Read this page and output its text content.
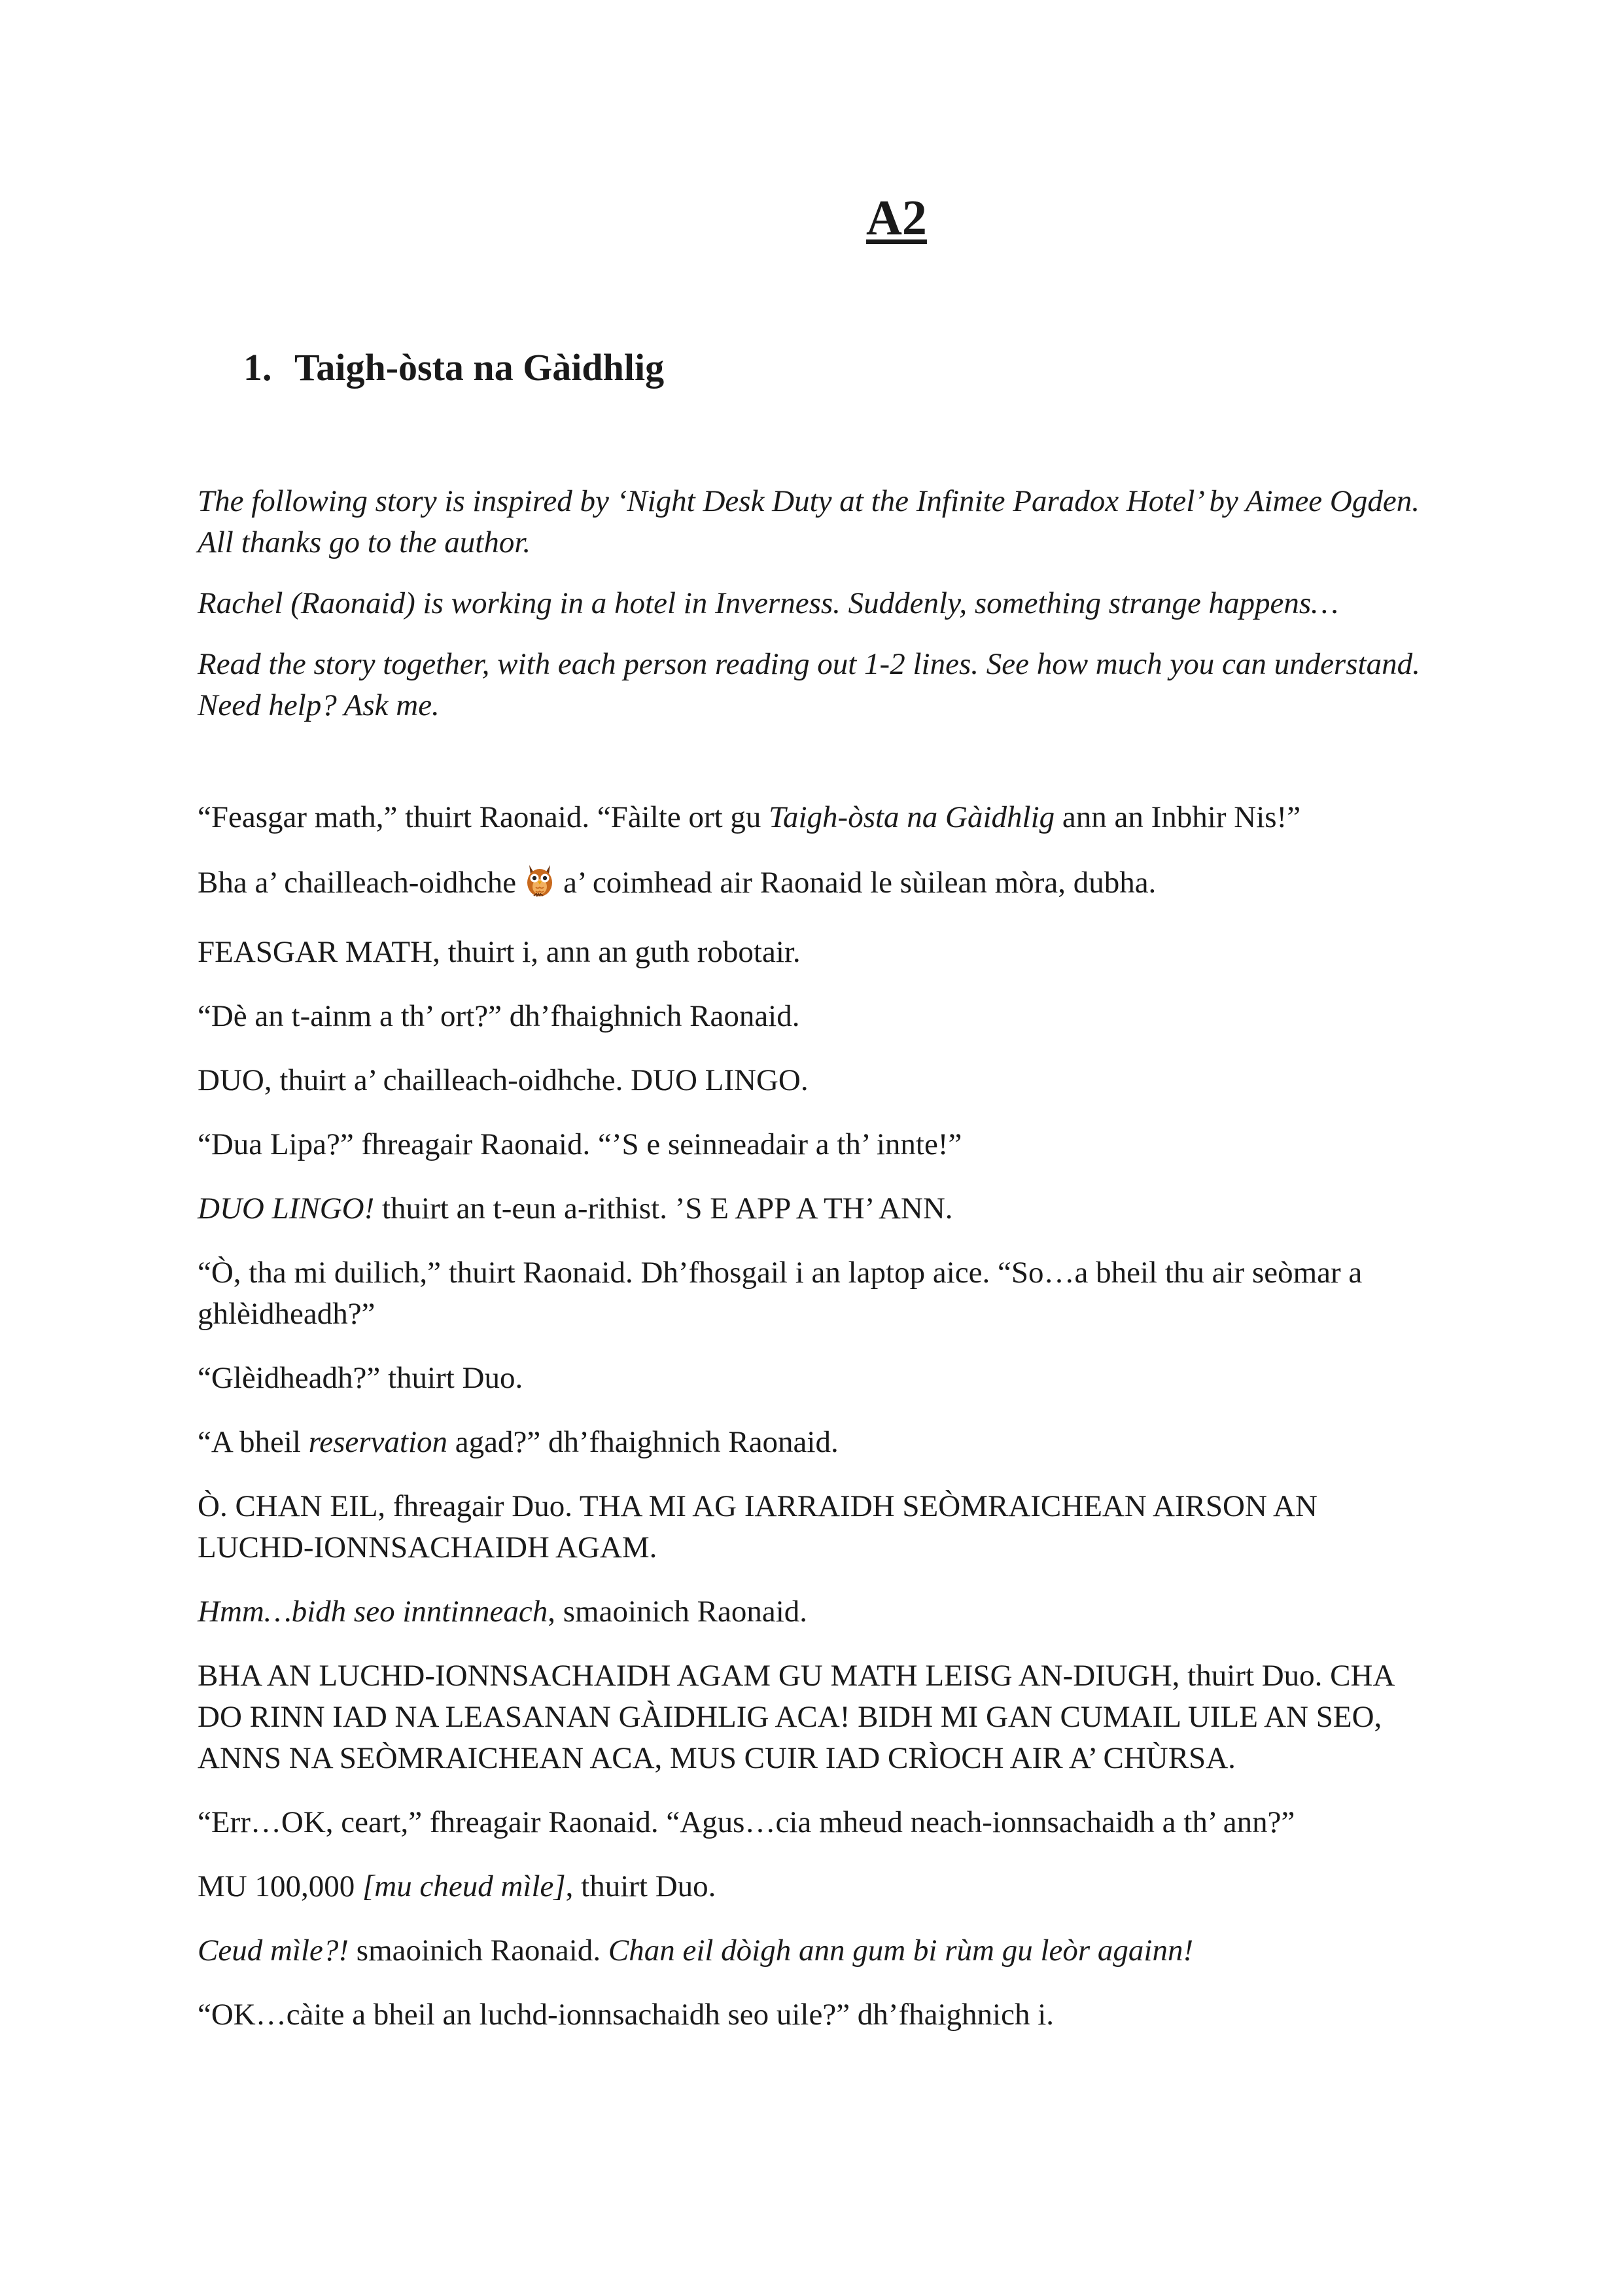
A2
1. Taigh-òsta na Gàidhlig

The following story is inspired by ‘Night Desk Duty at the Infinite Paradox Hotel’ by Aimee Ogden. All thanks go to the author.

Rachel (Raonaid) is working in a hotel in Inverness. Suddenly, something strange happens…

Read the story together, with each person reading out 1-2 lines. See how much you can understand. Need help? Ask me.

“Feasgar math,” thuirt Raonaid. “Fàilte ort gu Taigh-òsta na Gàidhlig ann an Inbhir Nis!”

Bha a’ chailleach-oidhche a’ coimhead air Raonaid le sùilean mòra, dubha.

FEASGAR MATH, thuirt i, ann an guth robotair.

“Dè an t-ainm a th’ ort?” dh’fhaighnich Raonaid.

DUO, thuirt a’ chailleach-oidhche. DUO LINGO.

“Dua Lipa?” fhreagair Raonaid. “’S e seinneadair a th’ innte!”

DUO LINGO! thuirt an t-eun a-rithist. ’S E APP A TH’ ANN.

“Ò, tha mi duilich,” thuirt Raonaid. Dh’fhosgail i an laptop aice. “So…a bheil thu air seòmar a ghlèidheadh?”

“Glèidheadh?” thuirt Duo.

“A bheil reservation agad?” dh’fhaighnich Raonaid.

Ò. CHAN EIL, fhreagair Duo. THA MI AG IARRAIDH SEÒMRAICHEAN AIRSON AN LUCHD-IONNSACHAIDH AGAM.

Hmm…bidh seo inntinneach, smaoinich Raonaid.

BHA AN LUCHD-IONNSACHAIDH AGAM GU MATH LEISG AN-DIUGH, thuirt Duo. CHA DO RINN IAD NA LEASANAN GÀIDHLIG ACA! BIDH MI GAN CUMAIL UILE AN SEO, ANNS NA SEÒMRAICHEAN ACA, MUS CUIR IAD CRÌOCH AIR A’ CHÙRSA.

“Err…OK, ceart,” fhreagair Raonaid. “Agus…cia mheud neach-ionnsachaidh a th’ ann?”

MU 100,000 [mu cheud mìle], thuirt Duo.

Ceud mìle?! smaoinich Raonaid. Chan eil dòigh ann gum bi rùm gu leòr againn!

“OK…càite a bheil an luchd-ionnsachaidh seo uile?” dh’fhaighnich i.
